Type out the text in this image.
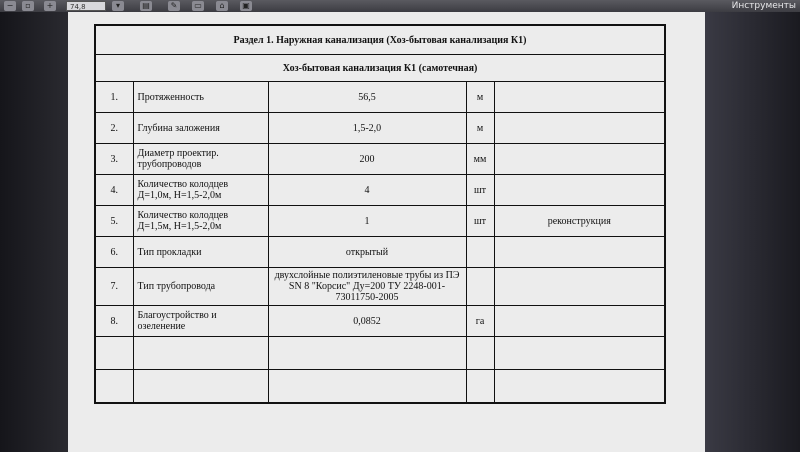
−	▫	+	74,8	▾	▤	✎	▭	⌂	▣	Инструменты
Раздел 1. Наружная канализация (Хоз-бытовая канализация К1)				
Хоз-бытовая канализация К1 (самотечная)				
1.	Протяженность	56,5	м	
2.	Глубина заложения	1,5-2,0	м	
3.	Диаметр проектир. трубопроводов	200	мм	
4.	Количество колодцев Д=1,0м, Н=1,5-2,0м	4	шт	
5.	Количество колодцев Д=1,5м, Н=1,5-2,0м	1	шт	реконструкция
6.	Тип прокладки	открытый		
7.	Тип трубопровода	двухслойные полиэтиленовые трубы из ПЭ SN 8 "Корсис" Ду=200 ТУ 2248-001-73011750-2005		
8.	Благоустройство и озеленение	0,0852	га	
